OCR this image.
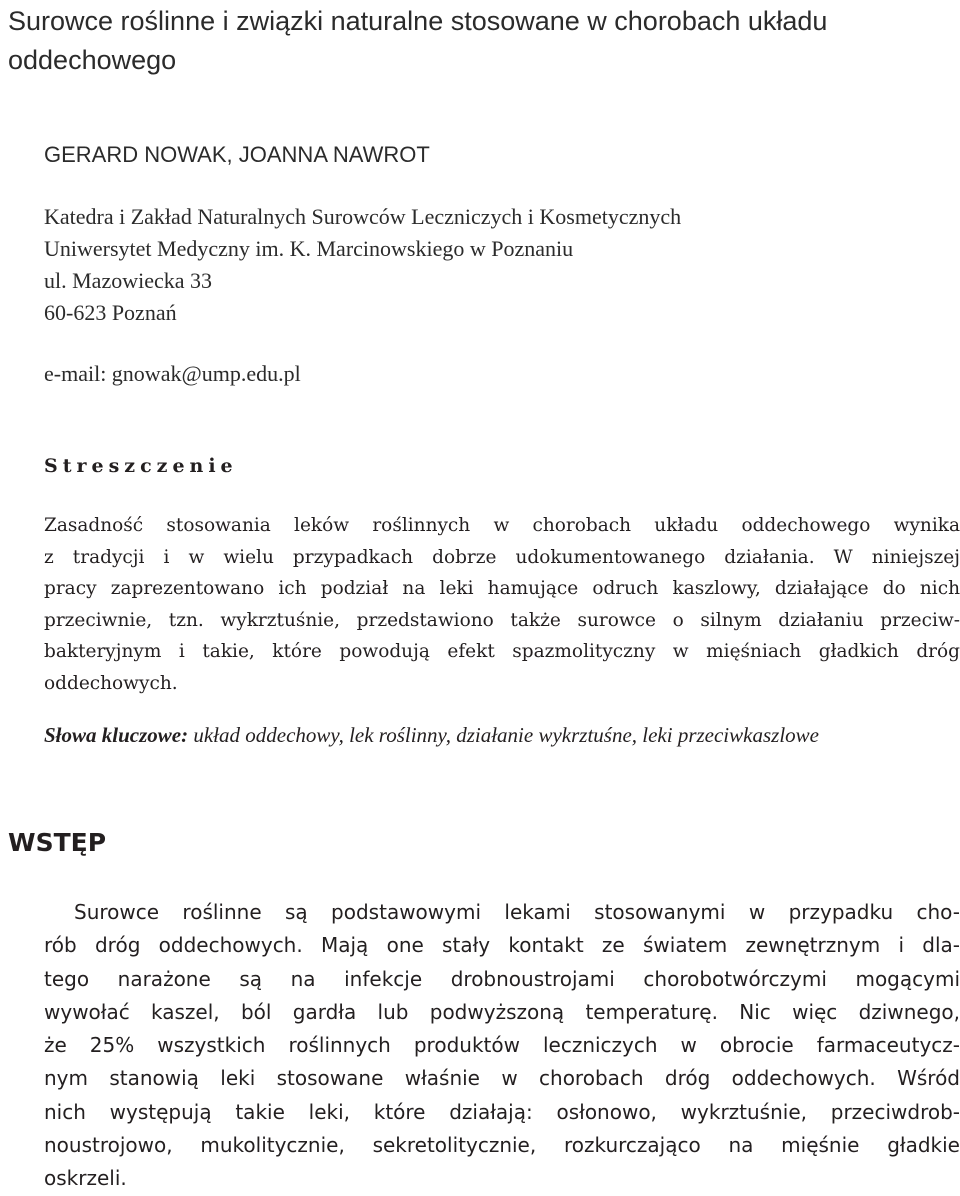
Surowce roślinne i związki naturalne stosowane w chorobach układu oddechowego

GERARD NOWAK, JOANNA NAWROT

Katedra i Zakład Naturalnych Surowców Leczniczych i Kosmetycznych
Uniwersytet Medyczny im. K. Marcinowskiego w Poznaniu
ul. Mazowiecka 33
60-623 Poznań

e-mail: gnowak@ump.edu.pl

Streszczenie
Zasadność stosowania leków roślinnych w chorobach układu oddechowego wynika
z tradycji i w wielu przypadkach dobrze udokumentowanego działania. W niniejszej
pracy zaprezentowano ich podział na leki hamujące odruch kaszlowy, działające do nich
przeciwnie, tzn. wykrztuśnie, przedstawiono także surowce o silnym działaniu przeciw-
bakteryjnym i takie, które powodują efekt spazmolityczny w mięśniach gładkich dróg
oddechowych.

Słowa kluczowe: układ oddechowy, lek roślinny, działanie wykrztuśne, leki przeciwkaszlowe

WSTĘP
Surowce roślinne są podstawowymi lekami stosowanymi w przypadku cho-
rób dróg oddechowych. Mają one stały kontakt ze światem zewnętrznym i dla-
tego narażone są na infekcje drobnoustrojami chorobotwórczymi mogącymi
wywołać kaszel, ból gardła lub podwyższoną temperaturę. Nic więc dziwnego,
że 25% wszystkich roślinnych produktów leczniczych w obrocie farmaceutycz-
nym stanowią leki stosowane właśnie w chorobach dróg oddechowych. Wśród
nich występują takie leki, które działają: osłonowo, wykrztuśnie, przeciwdrob-
noustrojowo, mukolitycznie, sekretolitycznie, rozkurczająco na mięśnie gładkie
oskrzeli.
